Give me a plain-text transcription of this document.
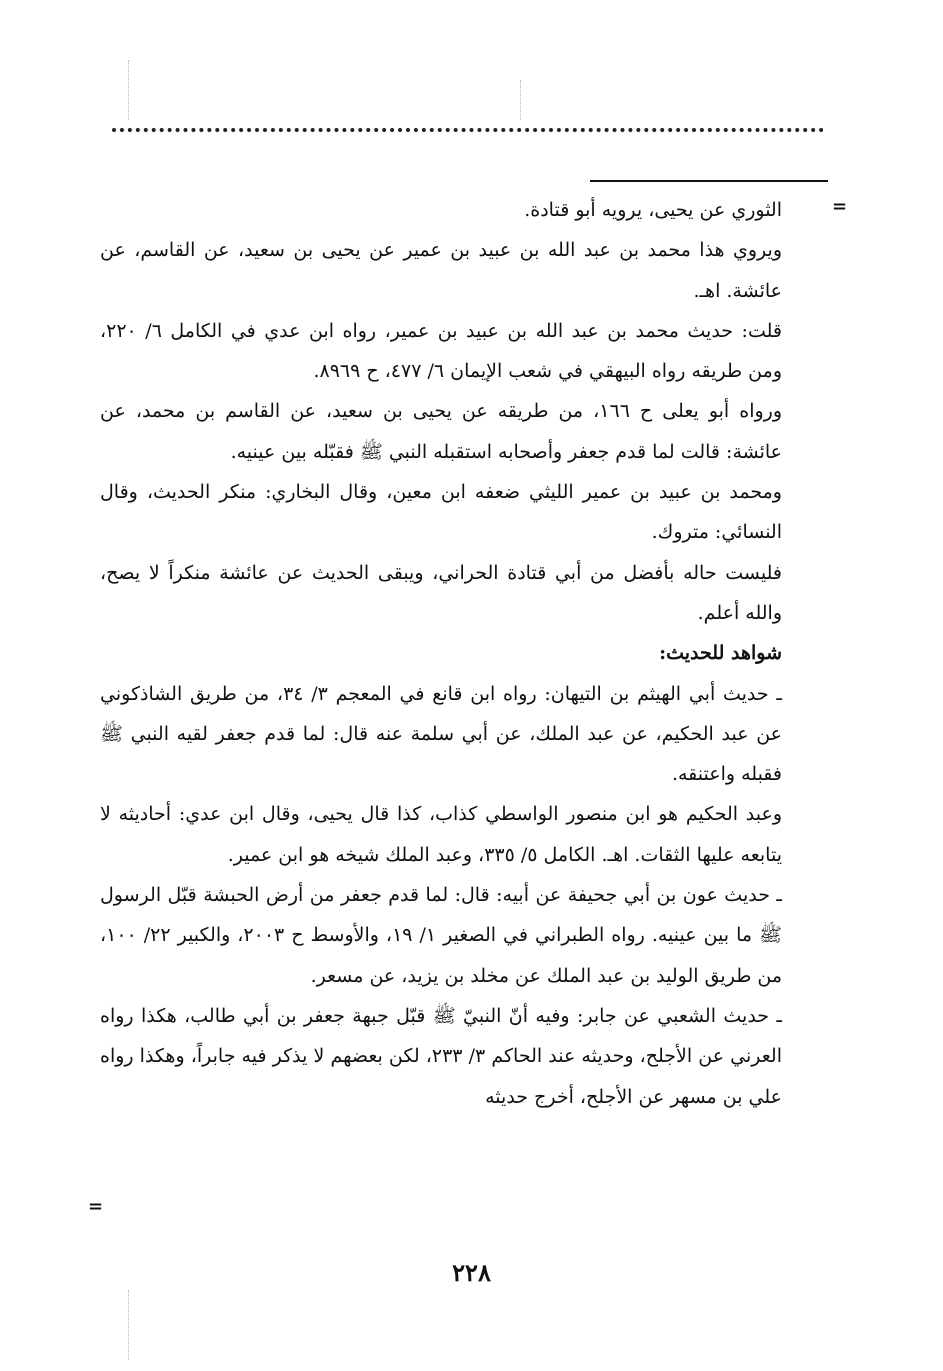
=

الثوري عن يحيى، يرويه أبو قتادة.

ويروي هذا محمد بن عبد الله بن عبيد بن عمير عن يحيى بن سعيد، عن القاسم، عن عائشة. اهـ.

قلت: حديث محمد بن عبد الله بن عبيد بن عمير، رواه ابن عدي في الكامل ٦/ ٢٢٠، ومن طريقه رواه البيهقي في شعب الإيمان ٦/ ٤٧٧، ح ٨٩٦٩.

ورواه أبو يعلى ح ١٦٦، من طريقه عن يحيى بن سعيد، عن القاسم بن محمد، عن عائشة: قالت لما قدم جعفر وأصحابه استقبله النبي ﷺ فقبّله بين عينيه.

ومحمد بن عبيد بن عمير الليثي ضعفه ابن معين، وقال البخاري: منكر الحديث، وقال النسائي: متروك.

فليست حاله بأفضل من أبي قتادة الحراني، ويبقى الحديث عن عائشة منكراً لا يصح، والله أعلم.

شواهد للحديث:

ـ حديث أبي الهيثم بن التيهان: رواه ابن قانع في المعجم ٣/ ٣٤، من طريق الشاذكوني عن عبد الحكيم، عن عبد الملك، عن أبي سلمة عنه قال: لما قدم جعفر لقيه النبي ﷺ فقبله واعتنقه.

وعبد الحكيم هو ابن منصور الواسطي كذاب، كذا قال يحيى، وقال ابن عدي: أحاديثه لا يتابعه عليها الثقات. اهـ. الكامل ٥/ ٣٣٥، وعبد الملك شيخه هو ابن عمير.

ـ حديث عون بن أبي جحيفة عن أبيه: قال: لما قدم جعفر من أرض الحبشة قبّل الرسول ﷺ ما بين عينيه. رواه الطبراني في الصغير ١/ ١٩، والأوسط ح ٢٠٠٣، والكبير ٢٢/ ١٠٠، من طريق الوليد بن عبد الملك عن مخلد بن يزيد، عن مسعر.

ـ حديث الشعبي عن جابر: وفيه أنّ النبيّ ﷺ قبّل جبهة جعفر بن أبي طالب، هكذا رواه العرني عن الأجلح، وحديثه عند الحاكم ٣/ ٢٣٣، لكن بعضهم لا يذكر فيه جابراً، وهكذا رواه علي بن مسهر عن الأجلح، أخرج حديثه

=
٢٢٨
